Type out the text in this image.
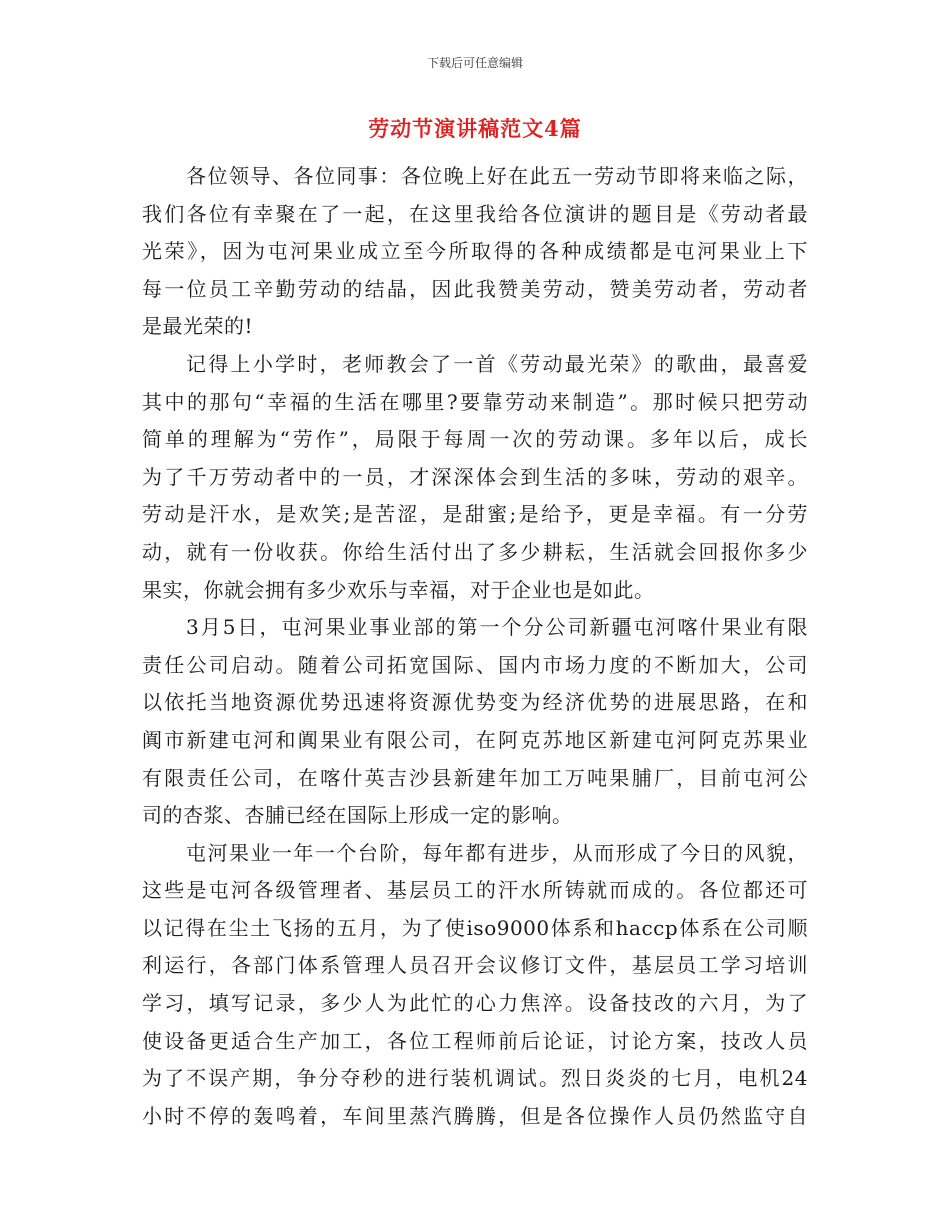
下载后可任意编辑
劳动节演讲稿范文4篇
各位领导、各位同事：各位晚上好在此五一劳动节即将来临之际，
我们各位有幸聚在了一起，在这里我给各位演讲的题目是《劳动者最
光荣》，因为屯河果业成立至今所取得的各种成绩都是屯河果业上下
每一位员工辛勤劳动的结晶，因此我赞美劳动，赞美劳动者，劳动者
是最光荣的!
记得上小学时，老师教会了一首《劳动最光荣》的歌曲，最喜爱
其中的那句“幸福的生活在哪里?要靠劳动来制造”。那时候只把劳动
简单的理解为“劳作”，局限于每周一次的劳动课。多年以后，成长
为了千万劳动者中的一员，才深深体会到生活的多味，劳动的艰辛。
劳动是汗水，是欢笑;是苦涩，是甜蜜;是给予，更是幸福。有一分劳
动，就有一份收获。你给生活付出了多少耕耘，生活就会回报你多少
果实，你就会拥有多少欢乐与幸福，对于企业也是如此。
3月5日，屯河果业事业部的第一个分公司新疆屯河喀什果业有限
责任公司启动。随着公司拓宽国际、国内市场力度的不断加大，公司
以依托当地资源优势迅速将资源优势变为经济优势的进展思路，在和
阗市新建屯河和阗果业有限公司，在阿克苏地区新建屯河阿克苏果业
有限责任公司，在喀什英吉沙县新建年加工万吨果脯厂，目前屯河公
司的杏浆、杏脯已经在国际上形成一定的影响。
屯河果业一年一个台阶，每年都有进步，从而形成了今日的风貌，
这些是屯河各级管理者、基层员工的汗水所铸就而成的。各位都还可
以记得在尘土飞扬的五月，为了使iso9000体系和haccp体系在公司顺
利运行，各部门体系管理人员召开会议修订文件，基层员工学习培训
学习，填写记录，多少人为此忙的心力焦淬。设备技改的六月，为了
使设备更适合生产加工，各位工程师前后论证，讨论方案，技改人员
为了不误产期，争分夺秒的进行装机调试。烈日炎炎的七月，电机24
小时不停的轰鸣着，车间里蒸汽腾腾，但是各位操作人员仍然监守自
